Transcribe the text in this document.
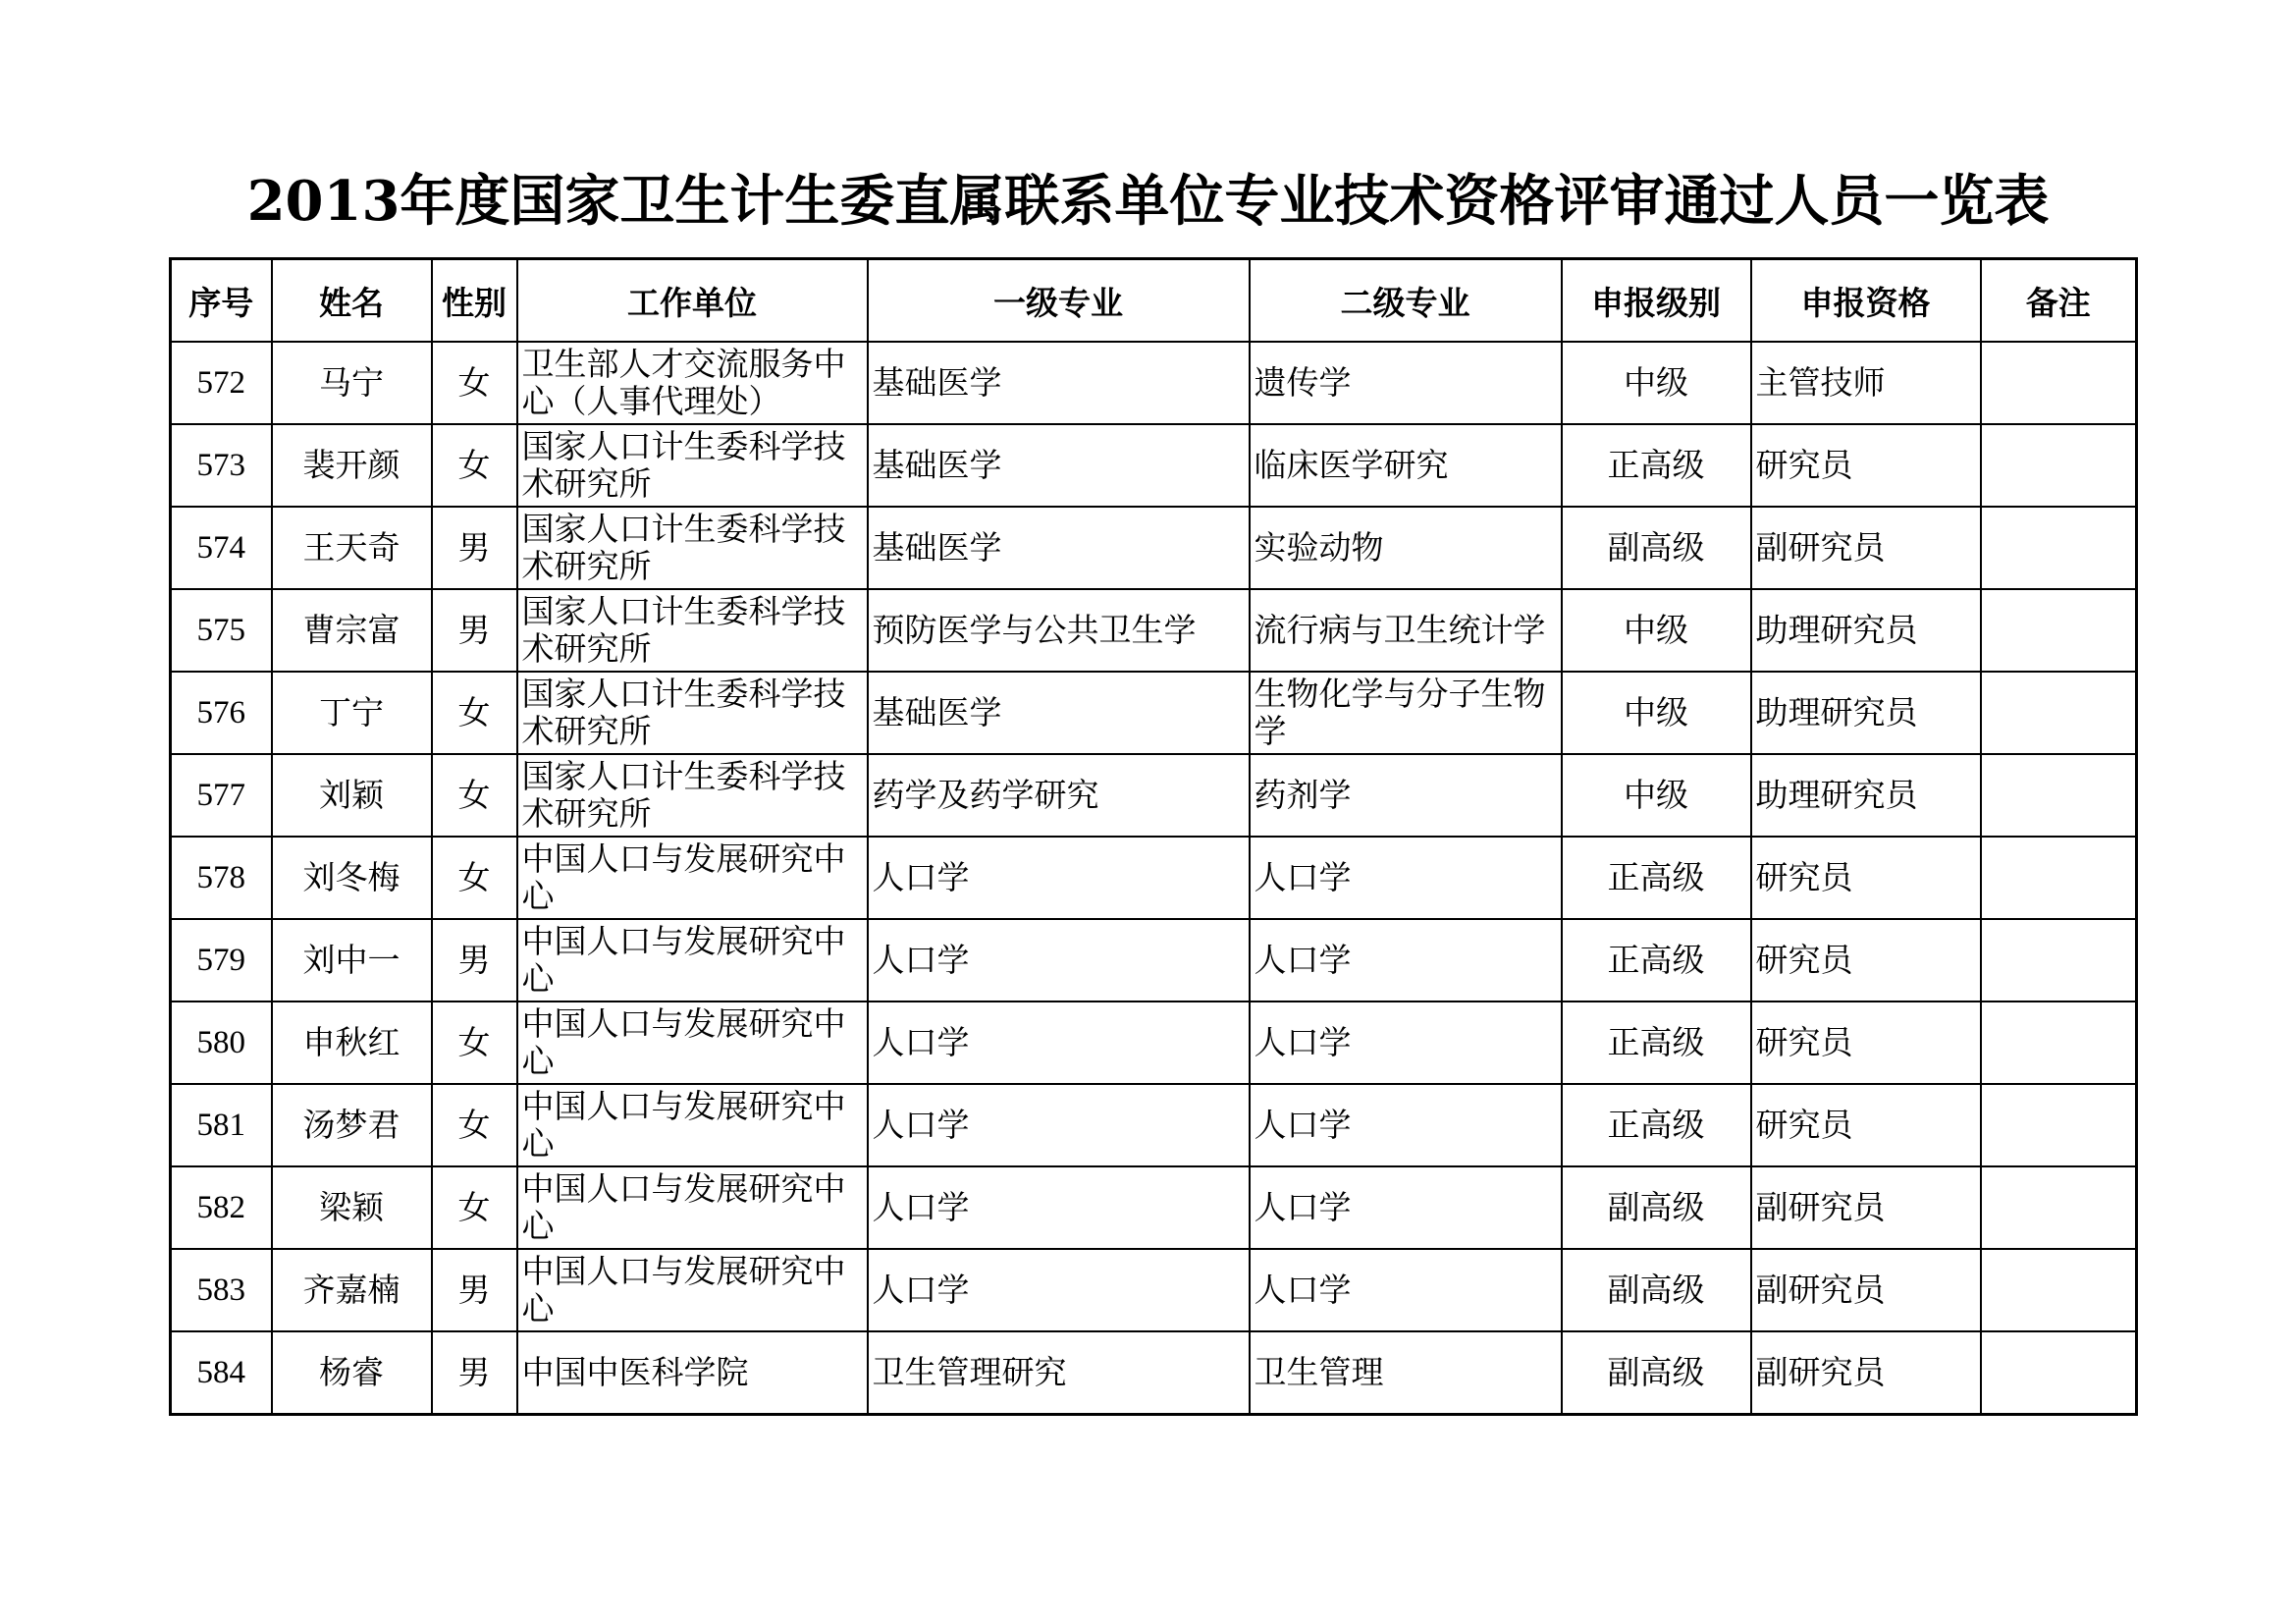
2013年度国家卫生计生委直属联系单位专业技术资格评审通过人员一览表
序号	姓名	性别	工作单位	一级专业	二级专业	申报级别	申报资格	备注

572	马宁	女	卫生部人才交流服务中心（人事代理处）	基础医学	遗传学	中级	主管技师	

573	裴开颜	女	国家人口计生委科学技术研究所	基础医学	临床医学研究	正高级	研究员	

574	王天奇	男	国家人口计生委科学技术研究所	基础医学	实验动物	副高级	副研究员	

575	曹宗富	男	国家人口计生委科学技术研究所	预防医学与公共卫生学	流行病与卫生统计学	中级	助理研究员	

576	丁宁	女	国家人口计生委科学技术研究所	基础医学	生物化学与分子生物学	中级	助理研究员	

577	刘颖	女	国家人口计生委科学技术研究所	药学及药学研究	药剂学	中级	助理研究员	

578	刘冬梅	女	中国人口与发展研究中心	人口学	人口学	正高级	研究员	

579	刘中一	男	中国人口与发展研究中心	人口学	人口学	正高级	研究员	

580	申秋红	女	中国人口与发展研究中心	人口学	人口学	正高级	研究员	

581	汤梦君	女	中国人口与发展研究中心	人口学	人口学	正高级	研究员	

582	梁颖	女	中国人口与发展研究中心	人口学	人口学	副高级	副研究员	

583	齐嘉楠	男	中国人口与发展研究中心	人口学	人口学	副高级	副研究员	

584	杨睿	男	中国中医科学院	卫生管理研究	卫生管理	副高级	副研究员	
